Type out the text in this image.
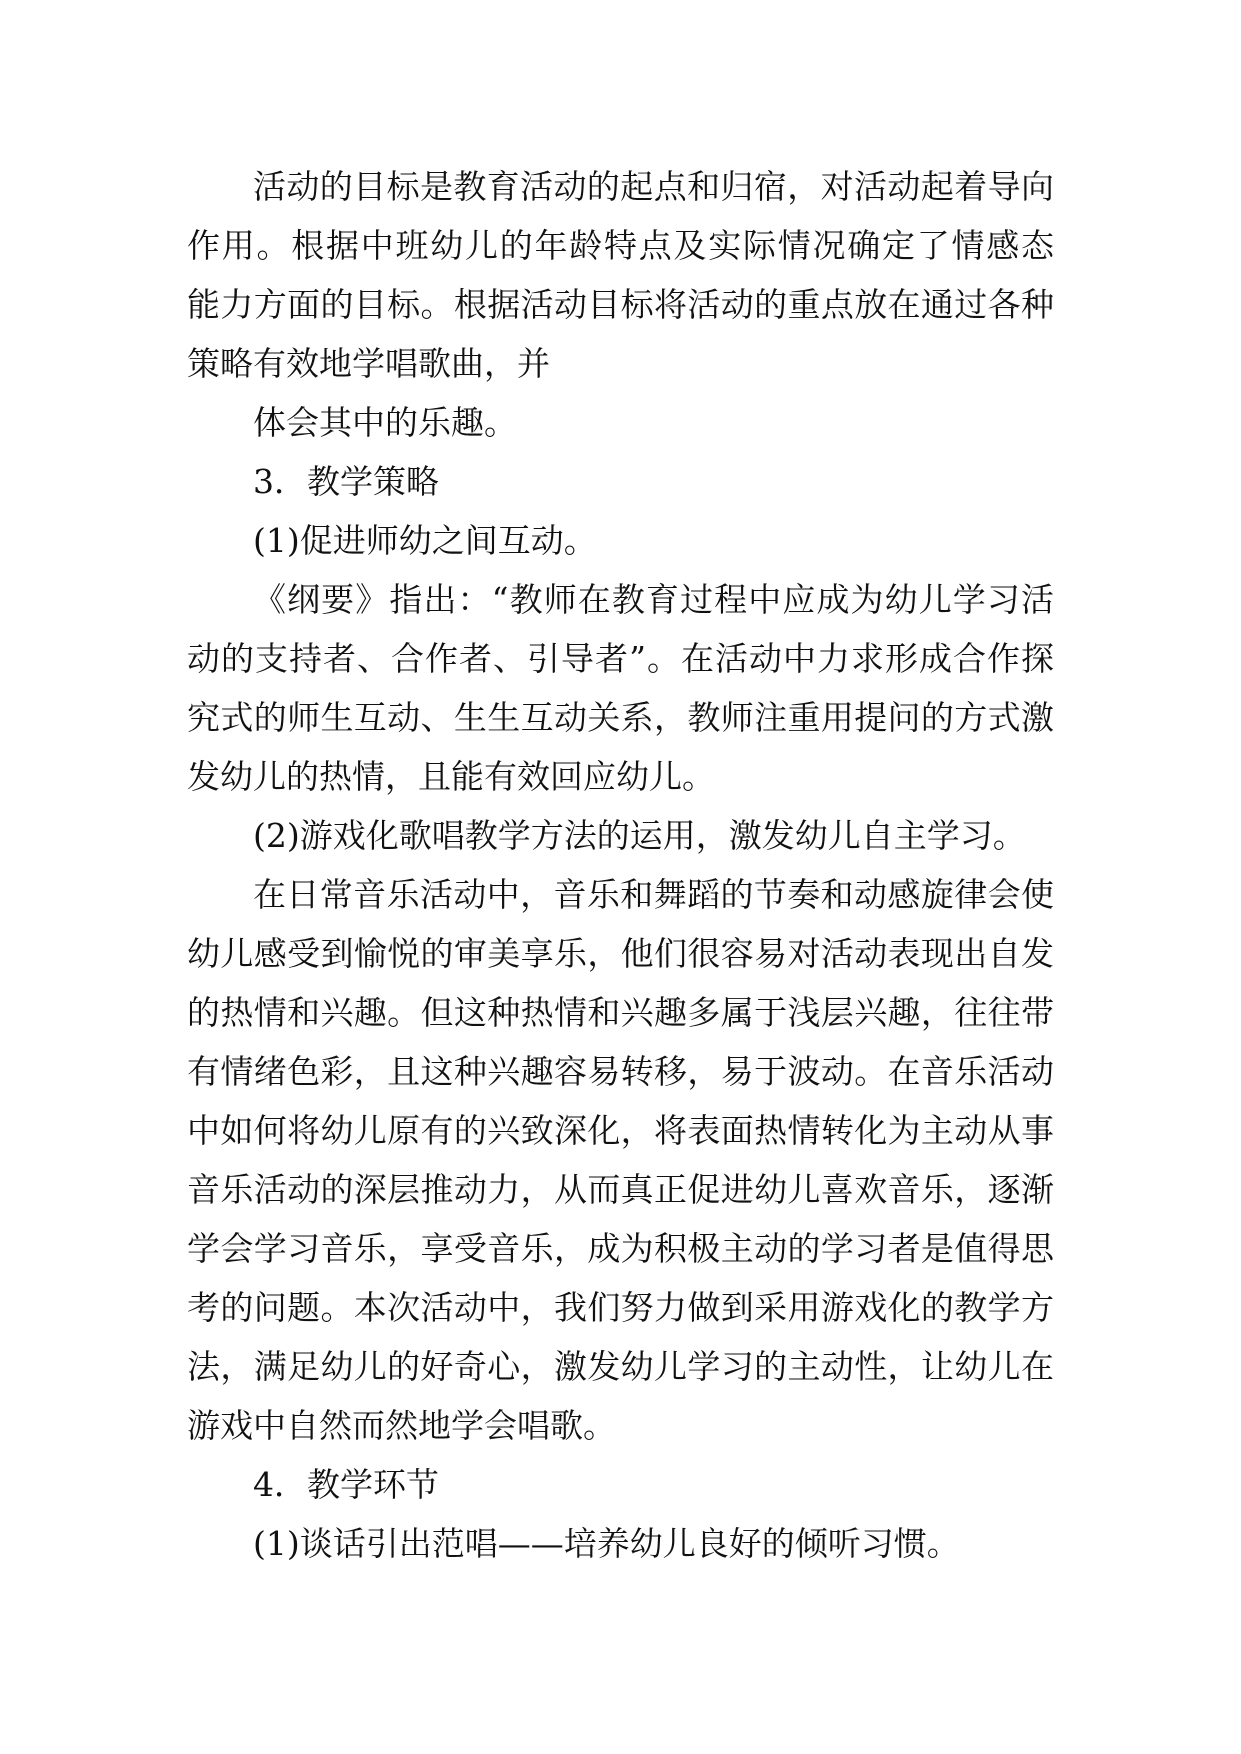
活动的目标是教育活动的起点和归宿，对活动起着导向
作用。根据中班幼儿的年龄特点及实际情况确定了情感态
能力方面的目标。根据活动目标将活动的重点放在通过各种
策略有效地学唱歌曲，并
体会其中的乐趣。
3．教学策略
(1)促进师幼之间互动。
《纲要》指出：“教师在教育过程中应成为幼儿学习活
动的支持者、合作者、引导者”。在活动中力求形成合作探
究式的师生互动、生生互动关系，教师注重用提问的方式激
发幼儿的热情，且能有效回应幼儿。
(2)游戏化歌唱教学方法的运用，激发幼儿自主学习。
在日常音乐活动中，音乐和舞蹈的节奏和动感旋律会使
幼儿感受到愉悦的审美享乐，他们很容易对活动表现出自发
的热情和兴趣。但这种热情和兴趣多属于浅层兴趣，往往带
有情绪色彩，且这种兴趣容易转移，易于波动。在音乐活动
中如何将幼儿原有的兴致深化，将表面热情转化为主动从事
音乐活动的深层推动力，从而真正促进幼儿喜欢音乐，逐渐
学会学习音乐，享受音乐，成为积极主动的学习者是值得思
考的问题。本次活动中，我们努力做到采用游戏化的教学方
法，满足幼儿的好奇心，激发幼儿学习的主动性，让幼儿在
游戏中自然而然地学会唱歌。
4．教学环节
(1)谈话引出范唱——培养幼儿良好的倾听习惯。
